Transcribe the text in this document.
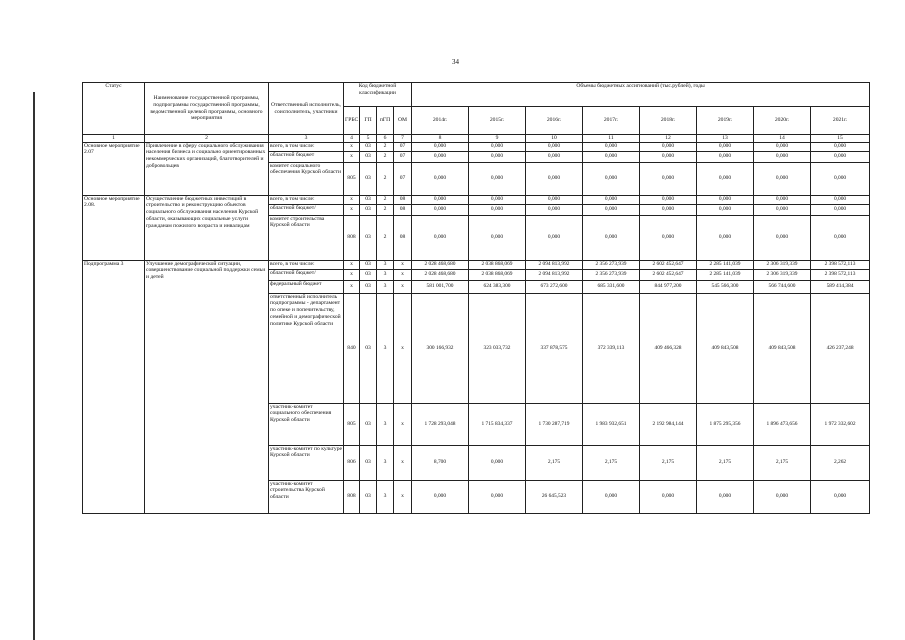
34
Статус	Наименование государственной программы, подпрограммы государственной программы, ведомственной целевой программы, основного мероприятия	Ответственный исполнитель, соисполнитель, участники	Код бюджетной классификации				Объемы бюджетных ассигнований (тыс.рублей), годы							
			ГРБС	ГП	пГП	ОМ	2014г.	2015г.	2016г.	2017г.	2018г.	2019г.	2020г.	2021г.
1	2	3	4	5	6	7	8	9	10	11	12	13	14	15
Основное мероприятие 2.07	Привлечение в сферу социального обслуживания населения бизнеса и социально ориентированных некоммерческих организаций, благотворителей и добровольцев	всего, в том числе:	х	03	2	07	0,000	0,000	0,000	0,000	0,000	0,000	0,000	0,000
		областной бюджет	х	03	2	07	0,000	0,000	0,000	0,000	0,000	0,000	0,000	0,000
		комитет социального обеспечения Курской области	805	03	2	07	0,000	0,000	0,000	0,000	0,000	0,000	0,000	0,000
Основное мероприятие 2.08.	Осуществление бюджетных инвестиций в строительство и реконструкцию объектов социального обслуживания населения Курской области, оказывающих социальные услуги гражданам пожилого возраста и инвалидам	всего, в том числе:	х	03	2	08	0,000	0,000	0,000	0,000	0,000	0,000	0,000	0,000
		областной бюджет/	х	03	2	08	0,000	0,000	0,000	0,000	0,000	0,000	0,000	0,000
		комитет строительства Курской области	808	03	2	08	0,000	0,000	0,000	0,000	0,000	0,000	0,000	0,000
Подпрограмма 3	Улучшение демографической ситуации, совершенствование социальной поддержки семьи и детей	всего, в том числе:	х	03	3	х	2 028 468,680	2 038 868,069	2 094 813,992	2 356 273,939	2 602 452,647	2 285 141,039	2 306 319,339	2 398 572,113
		областной бюджет/	х	03	3	х	2 028 468,680	2 038 868,069	2 094 813,992	2 356 273,939	2 602 452,647	2 285 141,039	2 306 319,339	2 398 572,113
		федеральный бюджет	х	03	3	х	581 001,700	624 383,300	673 272,600	685 331,600	844 977,200	545 566,300	566 744,600	589 414,384
		ответственный исполнитель подпрограммы - департамент по опеке и попечительству, семейной и демографической политике Курской области	840	03	3	х	300 166,932	323 033,732	337 878,575	372 339,113	409 466,328	409 843,508	409 843,508	426 237,248
		участник-комитет социального обеспечения Курской области	805	03	3	х	1 728 293,048	1 715 834,337	1 730 287,719	1 983 932,651	2 192 984,144	1 875 295,356	1 896 473,656	1 972 332,602
		участник-комитет по культуре Курской области	806	03	3	х	8,700	0,000	2,175	2,175	2,175	2,175	2,175	2,262
		участник-комитет строительства Курской области	808	03	3	х	0,000	0,000	26 645,523	0,000	0,000	0,000	0,000	0,000
